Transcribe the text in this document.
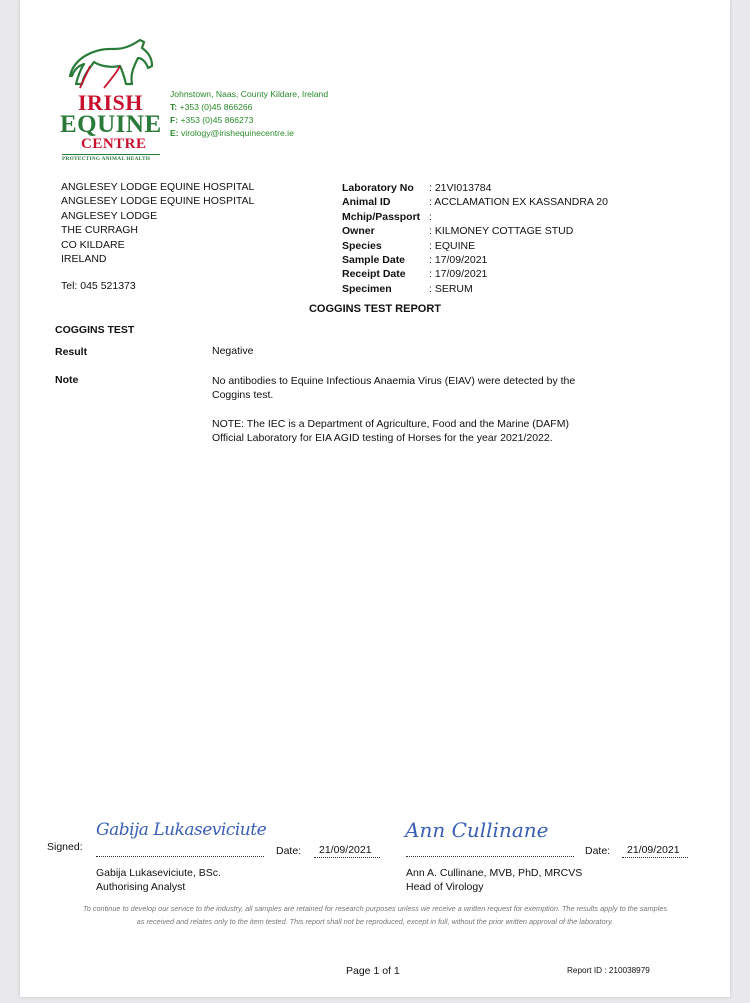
IRISH
EQUINE
CENTRE
PROTECTING ANIMAL HEALTH
Johnstown, Naas, County Kildare, Ireland
T: +353 (0)45 866266
F: +353 (0)45 866273
E: virology@irishequinecentre.ie
ANGLESEY LODGE EQUINE HOSPITAL
ANGLESEY LODGE EQUINE HOSPITAL
ANGLESEY LODGE
THE CURRAGH
CO KILDARE
IRELAND
Tel: 045 521373
Laboratory No	: 21VI013784
Animal ID	: ACCLAMATION EX KASSANDRA 20
Mchip/Passport :
Owner	: KILMONEY COTTAGE STUD
Species	: EQUINE
Sample Date	: 17/09/2021
Receipt Date	: 17/09/2021
Specimen	: SERUM
COGGINS TEST REPORT
COGGINS TEST
Result	Negative
Note	No antibodies to Equine Infectious Anaemia Virus (EIAV) were detected by the Coggins test.
NOTE: The IEC is a Department of Agriculture, Food and the Marine (DAFM) Official Laboratory for EIA AGID testing of Horses for the year 2021/2022.
Signed:
Gabija Lukaseviciute
Date: 21/09/2021
Ann Cullinane
Date: 21/09/2021
Gabija Lukaseviciute, BSc.
Authorising Analyst
Ann A. Cullinane, MVB, PhD, MRCVS
Head of Virology
To continue to develop our service to the industry, all samples are retained for research purposes unless we receive a written request for exemption. The results apply to the samples as received and relates only to the item tested. This report shall not be reproduced, except in full, without the prior written approval of the laboratory.
Page 1 of 1	Report ID : 210038979
